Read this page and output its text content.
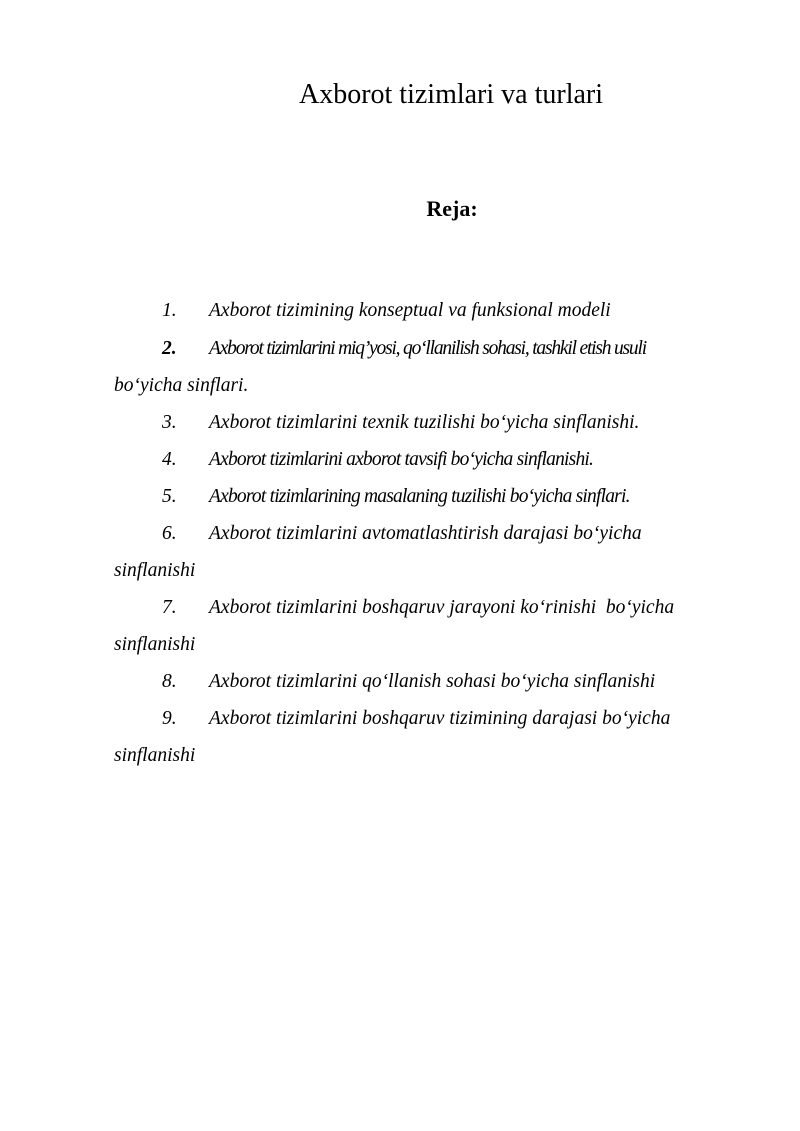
Axborot tizimlari va turlari
Reja:
1. Axborot tizimining konseptual va funksional modeli
2. Axborot tizimlarini miq’yosi, qo‘llanilish sohasi, tashkil etish usuli
bo‘yicha sinflari.
3. Axborot tizimlarini texnik tuzilishi bo‘yicha sinflanishi.
4. Axborot tizimlarini axborot tavsifi bo‘yicha sinflanishi.
5. Axborot tizimlarining masalaning tuzilishi bo‘yicha sinflari.
6. Axborot tizimlarini avtomatlashtirish darajasi bo‘yicha
sinflanishi
7. Axborot tizimlarini boshqaruv jarayoni ko‘rinishi  bo‘yicha
sinflanishi
8. Axborot tizimlarini qo‘llanish sohasi bo‘yicha sinflanishi
9. Axborot tizimlarini boshqaruv tizimining darajasi bo‘yicha
sinflanishi
